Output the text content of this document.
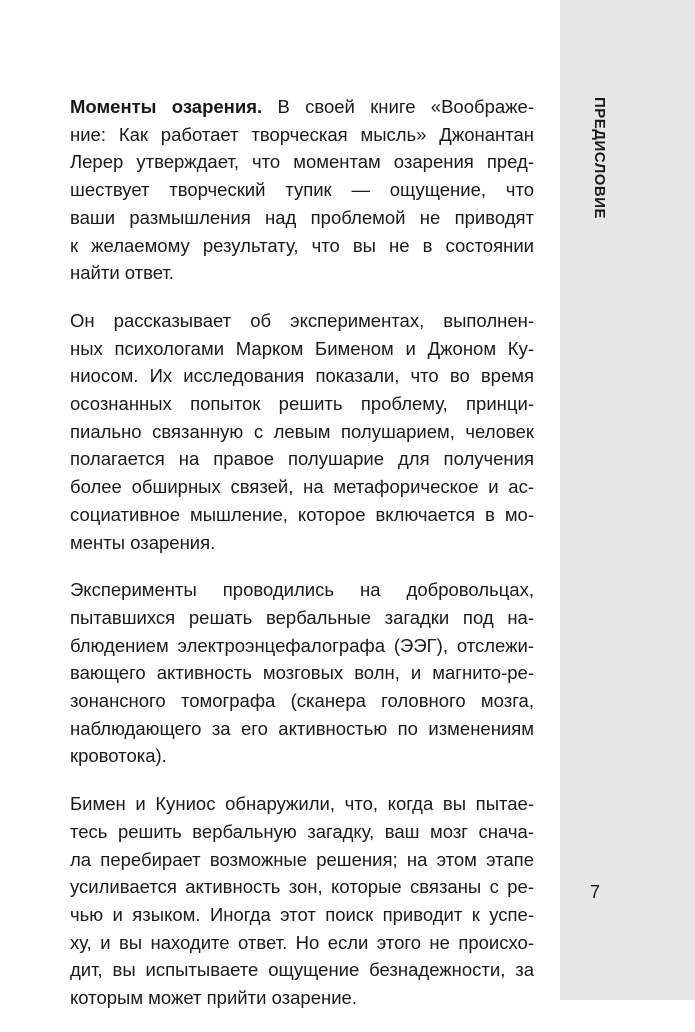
ПРЕДИСЛОВИЕ
7

Моменты озарения. В своей книге «Воображе-
ние: Как работает творческая мысль» Джонантан
Лерер утверждает, что моментам озарения пред-
шествует творческий тупик — ощущение, что
ваши размышления над проблемой не приводят
к желаемому результату, что вы не в состоянии
найти ответ.

Он рассказывает об экспериментах, выполнен-
ных психологами Марком Бименом и Джоном Ку-
ниосом. Их исследования показали, что во время
осознанных попыток решить проблему, принци-
пиально связанную с левым полушарием, человек
полагается на правое полушарие для получения
более обширных связей, на метафорическое и ас-
социативное мышление, которое включается в мо-
менты озарения.

Эксперименты проводились на добровольцах,
пытавшихся решать вербальные загадки под на-
блюдением электроэнцефалографа (ЭЭГ), отслежи-
вающего активность мозговых волн, и магнито-ре-
зонансного томографа (сканера головного мозга,
наблюдающего за его активностью по изменениям
кровотока).

Бимен и Куниос обнаружили, что, когда вы пытае-
тесь решить вербальную загадку, ваш мозг снача-
ла перебирает возможные решения; на этом этапе
усиливается активность зон, которые связаны с ре-
чью и языком. Иногда этот поиск приводит к успе-
ху, и вы находите ответ. Но если этого не происхо-
дит, вы испытываете ощущение безнадежности, за
которым может прийти озарение.
